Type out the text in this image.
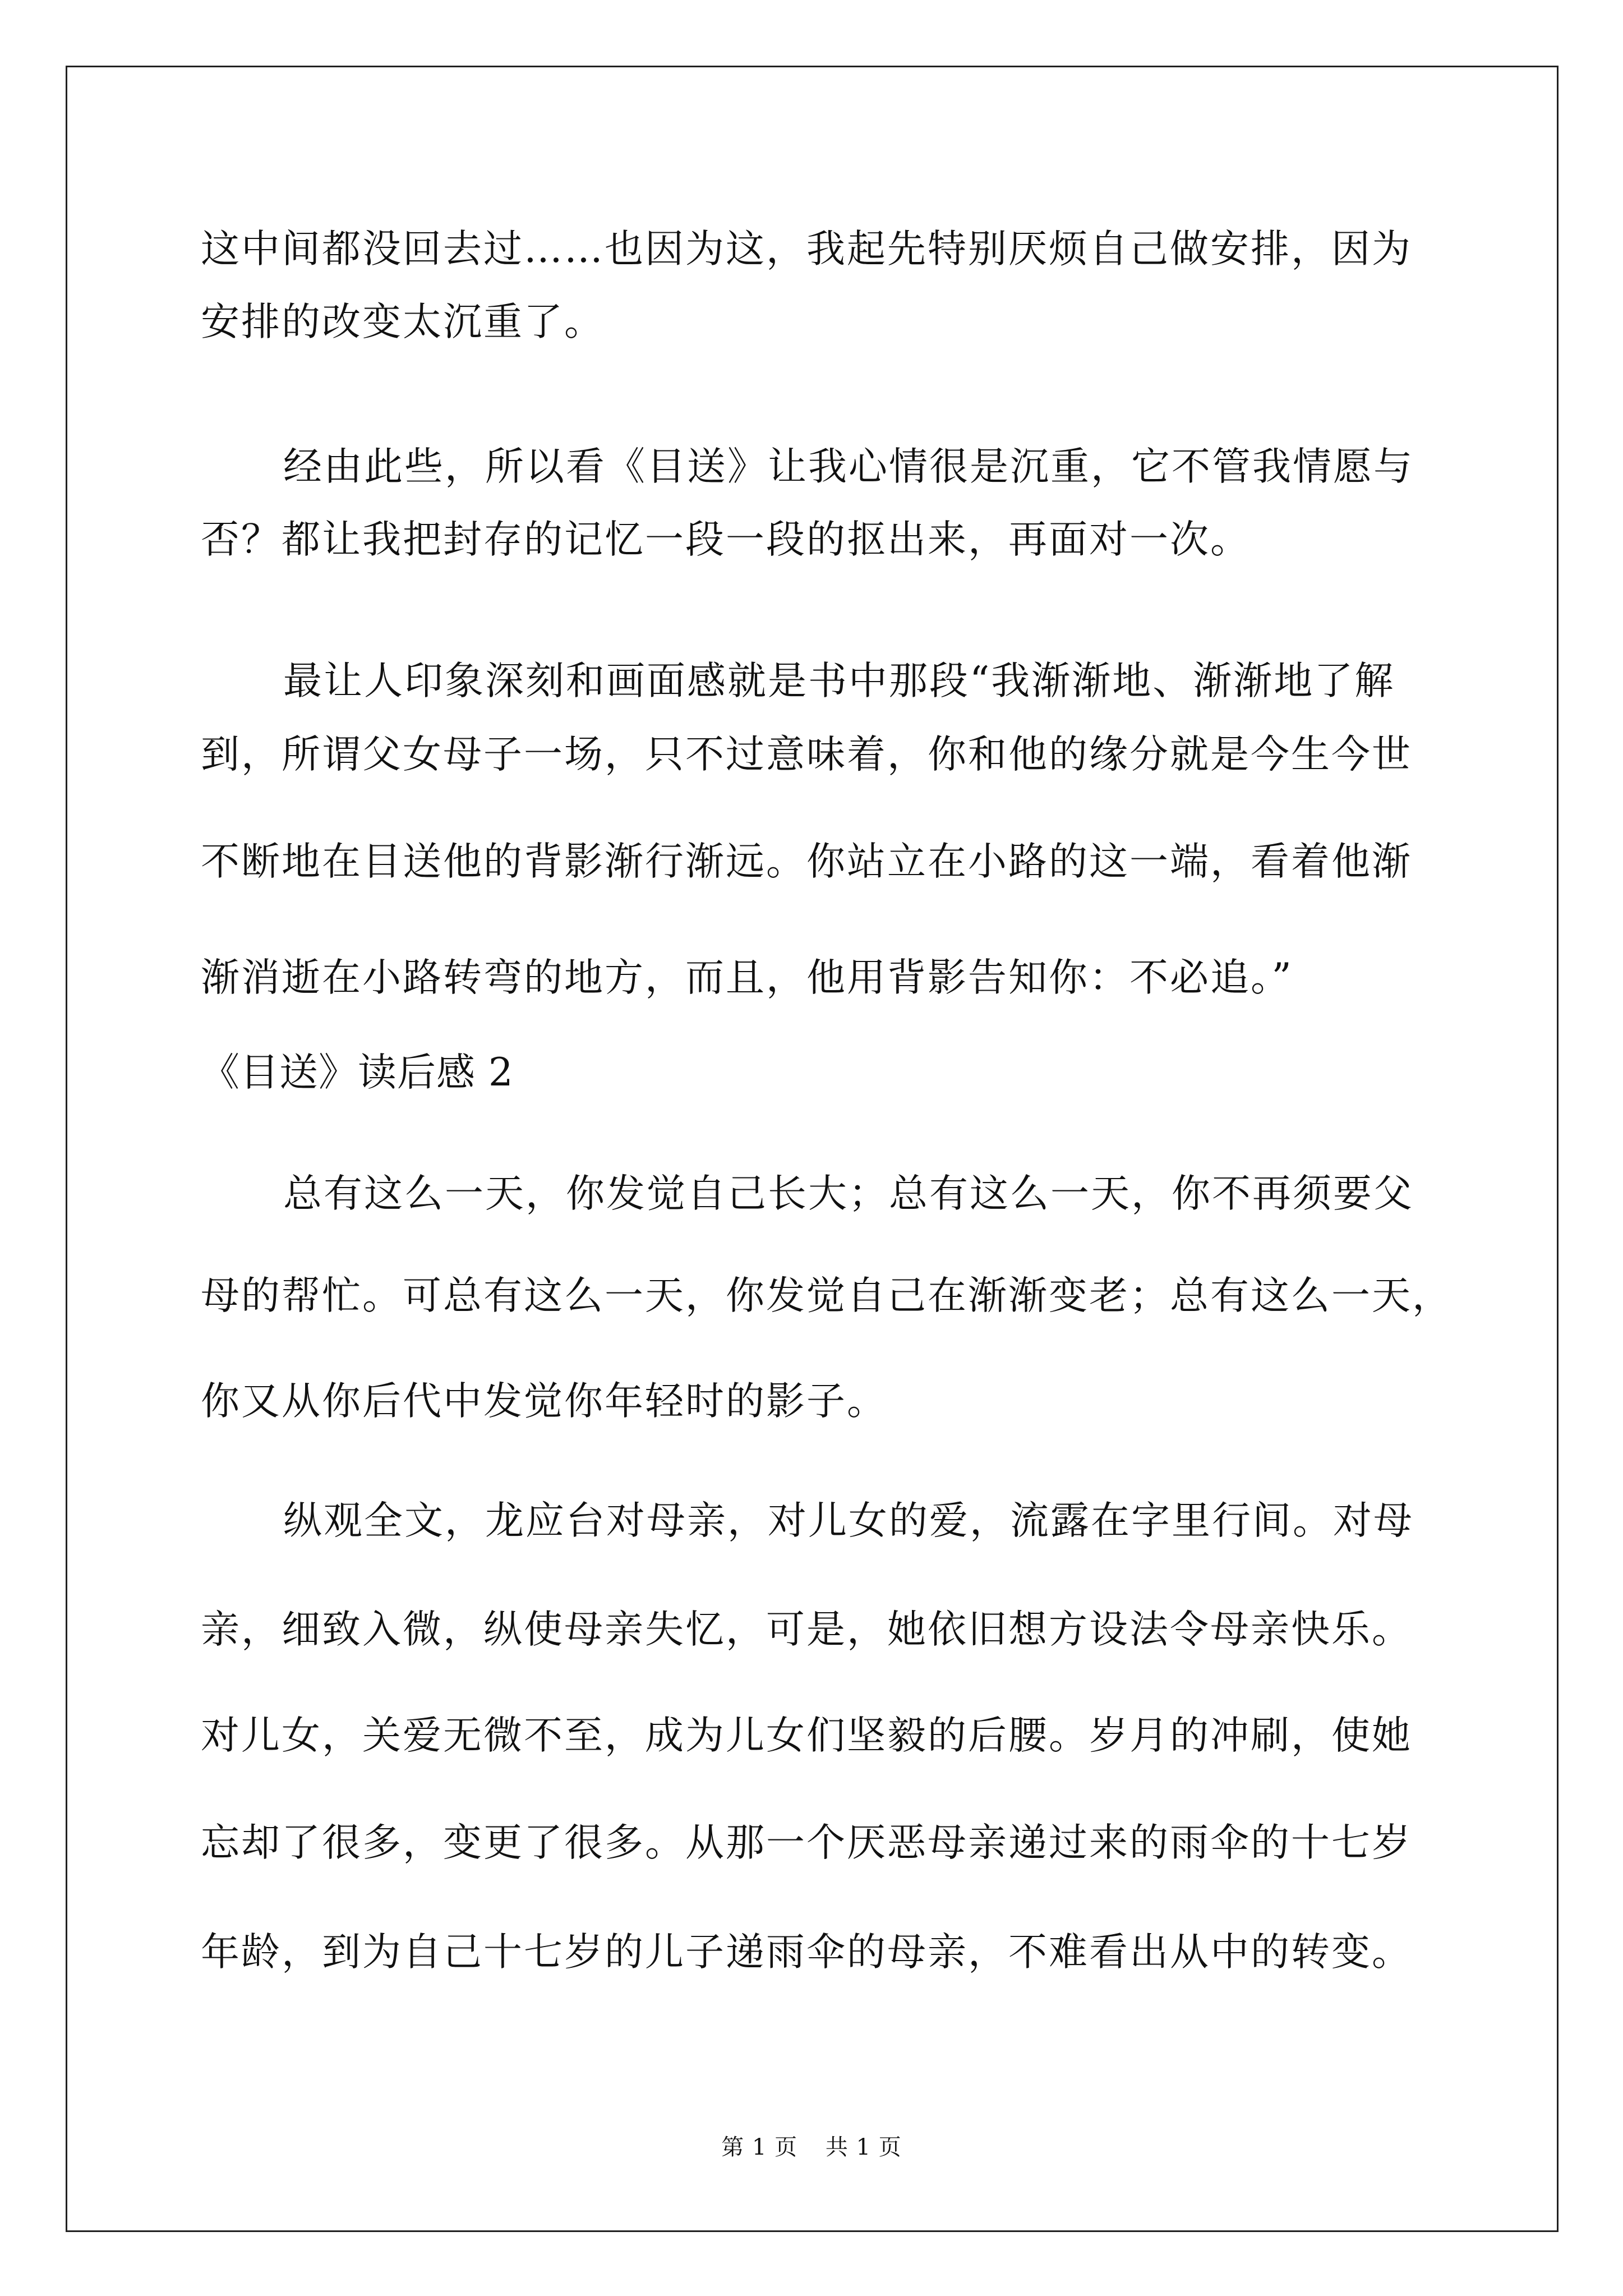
这中间都没回去过……也因为这，我起先特别厌烦自己做安排，因为
安排的改变太沉重了。
经由此些，所以看《目送》让我心情很是沉重，它不管我情愿与
否？都让我把封存的记忆一段一段的抠出来，再面对一次。
最让人印象深刻和画面感就是书中那段“我渐渐地、渐渐地了解
到，所谓父女母子一场，只不过意味着，你和他的缘分就是今生今世
不断地在目送他的背影渐行渐远。你站立在小路的这一端，看着他渐
渐消逝在小路转弯的地方，而且，他用背影告知你：不必追。”
《目送》读后感 2
总有这么一天，你发觉自己长大；总有这么一天，你不再须要父
母的帮忙。可总有这么一天，你发觉自己在渐渐变老；总有这么一天，
你又从你后代中发觉你年轻时的影子。
纵观全文，龙应台对母亲，对儿女的爱，流露在字里行间。对母
亲，细致入微，纵使母亲失忆，可是，她依旧想方设法令母亲快乐。
对儿女，关爱无微不至，成为儿女们坚毅的后腰。岁月的冲刷，使她
忘却了很多，变更了很多。从那一个厌恶母亲递过来的雨伞的十七岁
年龄，到为自己十七岁的儿子递雨伞的母亲，不难看出从中的转变。
第 1 页 共 1 页
